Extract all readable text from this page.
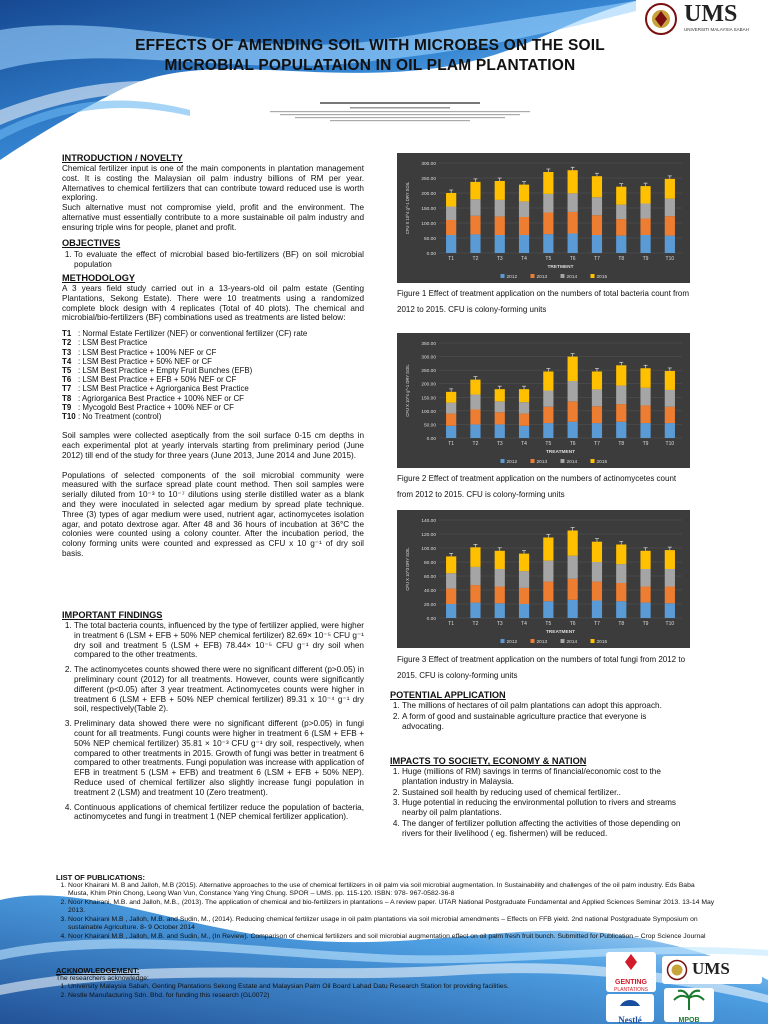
UMS
UNIVERSITI MALAYSIA SABAH
EFFECTS OF AMENDING SOIL WITH MICROBES ON THE SOIL
MICROBIAL POPULATAION IN OIL PLAM PLANTATION
INTRODUCTION / NOVELTY
Chemical fertilizer input is one of the main components in plantation management cost. It is costing the Malaysian oil palm industry billions of RM per year. Alternatives to chemical fertilizers that can contribute toward reduced use is worth exploring.
Such alternative must not compromise yield, profit and the environment. The alternative must essentially contribute to a more sustainable oil palm industry and ensuring triple wins for people, planet and profit.
OBJECTIVES
1. To evaluate the effect of microbial based bio-fertilizers (BF) on soil microbial population
METHODOLOGY
A 3 years field study carried out in a 13-years-old oil palm estate (Genting Plantations, Sekong Estate). There were 10 treatments using a randomized complete block design with 4 replicates (Total of 40 plots). The chemical and microbial/bio-fertilizers (BF) combinations used as treatments are listed below:
T1 : Normal Estate Fertilizer (NEF) or conventional fertilizer (CF) rate
T2 : LSM Best Practice
T3 : LSM Best Practice + 100% NEF or CF
T4 : LSM Best Practice + 50% NEF or CF
T5 : LSM Best Practice + Empty Fruit Bunches (EFB)
T6 : LSM Best Practice + EFB + 50% NEF or CF
T7 : LSM Best Practice + Agriorganica Best Practice
T8 : Agriorganica Best Practice + 100% NEF or CF
T9 : Mycogold Best Practice + 100% NEF or CF
T10 : No Treatment (control)
Soil samples were collected aseptically from the soil surface 0-15 cm depths in each experimental plot at yearly intervals starting from preliminary period (June 2012) till end of the study for three years (June 2013, June 2014 and June 2015).
Populations of selected components of the soil microbial community were measured with the surface spread plate count method. Then soil samples were serially diluted from 10⁻³ to 10⁻⁷ dilutions using sterile distilled water as a blank and they were inoculated in selected agar medium by spread plate technique. Three (3) types of agar medium were used, nutrient agar, actinomycetes isolation agar, and potato dextrose agar. After 48 and 36 hours of incubation at 36°C the colonies were counted using a colony counter. After the incubation period, the colony forming units were counted and expressed as CFU x 10 g⁻¹ of dry soil basis.
IMPORTANT FINDINGS
1. The total bacteria counts, influenced by the type of fertilizer applied, were higher in treatment 6 (LSM + EFB + 50% NEP chemical fertilizer) 82.69× 10⁻⁵ CFU g⁻¹ dry soil and treatment 5 (LSM + EFB) 78.44× 10⁻⁵ CFU g⁻¹ dry soil when compared to the other treatments.
2. The actinomycetes counts showed there were no significant different (p>0.05) in preliminary count (2012) for all treatments. However, counts were significantly different (p<0.05) after 3 year treatment. Actinomycetes counts were higher in treatment 6 (LSM + EFB + 50% NEP chemical fertilizer) 89.31 x 10⁻⁴ g⁻¹ dry soil, respectively(Table 2).
3. Preliminary data showed there were no significant different (p>0.05) in fungi count for all treatments. Fungi counts were higher in treatment 6 (LSM + EFB + 50% NEP chemical fertilizer) 35.81 × 10⁻³ CFU g⁻¹ dry soil, respectively, when compared to other treatments in 2015. Growth of fungi was better in treatment 6 compared to other treatments. Fungi population was increase with application of EFB in treatment 5 (LSM + EFB) and treatment 6 (LSM + EFB + 50% NEP). Reduce used of chemical fertilizer also slightly increase fungi population in treatment 2 (LSM) and treatment 10 (Zero treatment).
4. Continuous applications of chemical fertilizer reduce the population of bacteria, actinomycetes and fungi in treatment 1 (NEP chemical fertilizer application).
0.00
50.00
100.00
150.00
200.00
250.00
300.00
CFU X 10^4 g^-1 DRY SOIL
T1	T2	T3	T4	T5	T6	T7	T8	T9	T10
TRETMENT
2012	2013	2014	2015
Figure 1 Effect of treatment application on the numbers of total bacteria count from 2012 to 2015. CFU is colony-forming units
0.00
50.00
100.00
150.00
200.00
250.00
300.00
350.00
CFU X 10^4 g^-1 DRY SOIL
T1	T2	T3	T4	T5	T6	T7	T8	T9	T10
TREATMENT
2012	2013	2014	2015
Figure 2 Effect of treatment application on the numbers of actinomycetes count from 2012 to 2015. CFU is colony-forming units
0.00
20.00
40.00
60.00
80.00
100.00
120.00
140.00
CFU X 10^3 DRY SOIL
T1	T2	T3	T4	T5	T6	T7	T8	T9	T10
TREATMENT
2012	2013	2014	2015
Figure 3 Effect of treatment application on the numbers of total fungi from 2012 to 2015. CFU is colony-forming units
POTENTIAL APPLICATION
1. The millions of hectares of oil palm plantations can adopt this approach.
2. A form of good and sustainable agriculture practice that everyone is advocating.
IMPACTS TO SOCIETY, ECONOMY & NATION
1. Huge (millions of RM) savings in terms of financial/economic cost to the plantation industry in Malaysia.
2. Sustained soil health by reducing used of chemical fertilizer..
3. Huge potential in reducing the environmental pollution to rivers and streams nearby oil palm plantations.
4. The danger of fertilizer pollution affecting the activities of those depending on rivers for their livelihood ( eg. fishermen) will be reduced.
LIST OF PUBLICATIONS:
1. Noor Khairani M. B and Jalloh, M.B (2015). Alternative approaches to the use of chemical fertilizers in oil palm via soil microbial augmentation. In Sustainability and challenges of the oil palm industry. Eds Baba Musta, Khim Phin Chong, Leong Wan Vun, Constance Yang Ying Chung. SPOR – UMS. pp. 115-120. ISBN: 978- 967-0582-36-8
2. Noor Khairani, M.B. and Jalloh, M.B., (2013). The application of chemical and bio-fertilizers in plantations – A review paper. UTAR National Postgraduate Fundamental and Applied Sciences Seminar 2013. 13-14 May 2013.
3. Noor Khairani M.B , Jalloh, M.B. and Sudin, M., (2014). Reducing chemical fertilizer usage in oil palm plantations via soil microbial amendments – Effects on FFB yield. 2nd national Postgraduate Symposium on sustainable Agriculture. 8- 9 October 2014
4. Noor Khairani M.B , Jalloh, M.B. and Sudin, M., (In Review). Comparison of chemical fertilizers and soil microbial augmentation effect on oil palm fresh fruit bunch. Submitted for Publication – Crop Science Journal
ACKNOWLEDGEMENT:
The researchers acknowledge:
1. University Malaysia Sabah, Genting Plantations Sekong Estate and Malaysian Palm Oil Board Lahad Datu Research Station for providing facilities.
2. Nestle Manufacturing Sdn. Bhd. for funding this research (GL0072)
GENTING
PLANTATIONS
UMS
Nestlé	MPOB
